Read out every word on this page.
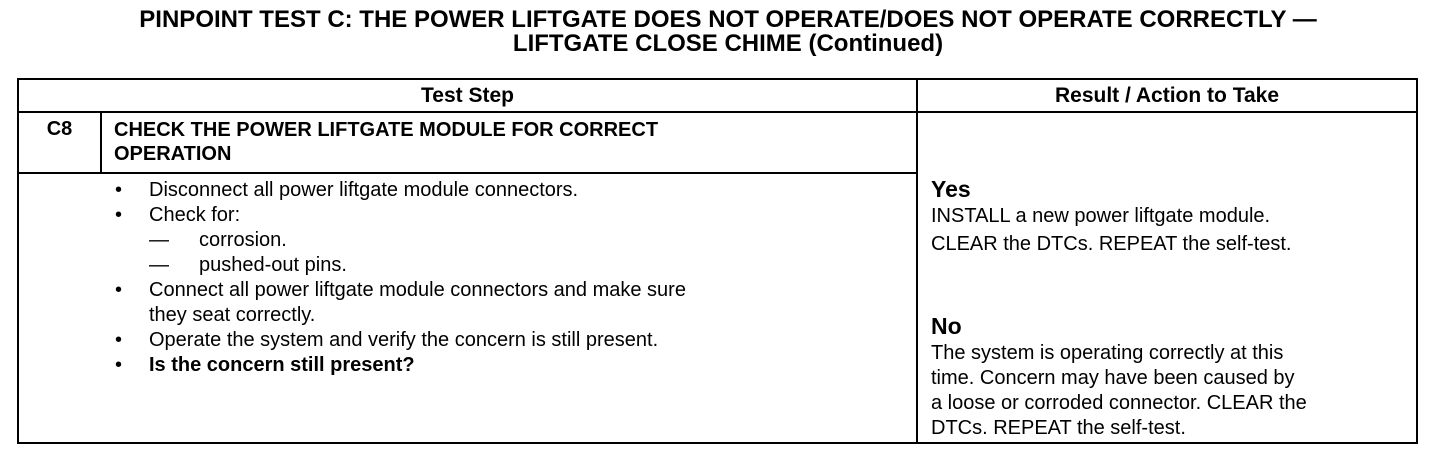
PINPOINT TEST C: THE POWER LIFTGATE DOES NOT OPERATE/DOES NOT OPERATE CORRECTLY —
LIFTGATE CLOSE CHIME (Continued)
Test Step	Result / Action to Take
C8	CHECK THE POWER LIFTGATE MODULE FOR CORRECT
OPERATION
• Disconnect all power liftgate module connectors.
• Check for:
— corrosion.
— pushed-out pins.
• Connect all power liftgate module connectors and make sure
they seat correctly.
• Operate the system and verify the concern is still present.
• Is the concern still present?
Yes
INSTALL a new power liftgate module.
CLEAR the DTCs. REPEAT the self-test.
No
The system is operating correctly at this
time. Concern may have been caused by
a loose or corroded connector. CLEAR the
DTCs. REPEAT the self-test.
